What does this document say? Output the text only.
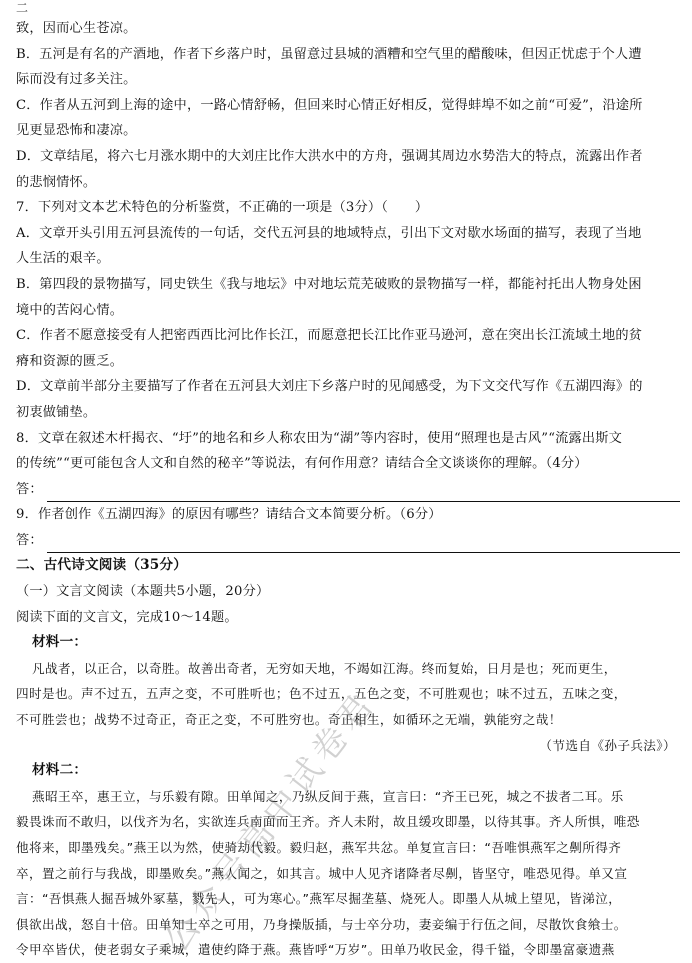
二
致，因而心生苍凉。
B．五河是有名的产酒地，作者下乡落户时，虽留意过县城的酒糟和空气里的醋酸味，但因正忧虑于个人遭
际而没有过多关注。
C．作者从五河到上海的途中，一路心情舒畅，但回来时心情正好相反，觉得蚌埠不如之前“可爱”，沿途所
见更显恐怖和凄凉。
D．文章结尾，将六七月涨水期中的大刘庄比作大洪水中的方舟，强调其周边水势浩大的特点，流露出作者
的悲悯情怀。
7．下列对文本艺术特色的分析鉴赏，不正确的一项是（3分）（　　）
A．文章开头引用五河县流传的一句话，交代五河县的地域特点，引出下文对歇水场面的描写，表现了当地
人生活的艰辛。
B．第四段的景物描写，同史铁生《我与地坛》中对地坛荒芜破败的景物描写一样，都能衬托出人物身处困
境中的苦闷心情。
C．作者不愿意接受有人把密西西比河比作长江，而愿意把长江比作亚马逊河，意在突出长江流域土地的贫
瘠和资源的匮乏。
D．文章前半部分主要描写了作者在五河县大刘庄下乡落户时的见闻感受，为下文交代写作《五湖四海》的
初衷做铺垫。
8．文章在叙述木杆揭衣、“圩”的地名和乡人称农田为“湖”等内容时，使用“照理也是古风”“流露出斯文
的传统”“更可能包含人文和自然的秘辛”等说法，有何作用意？请结合全文谈谈你的理解。（4分）
答：
9．作者创作《五湖四海》的原因有哪些？请结合文本简要分析。（6分）
答：
二、古代诗文阅读（35分）
（一）文言文阅读（本题共5小题，20分）
阅读下面的文言文，完成10～14题。
材料一：
凡战者，以正合，以奇胜。故善出奇者，无穷如天地，不竭如江海。终而复始，日月是也；死而更生，
四时是也。声不过五，五声之变，不可胜听也；色不过五，五色之变，不可胜观也；味不过五，五味之变，
不可胜尝也；战势不过奇正，奇正之变，不可胜穷也。奇正相生，如循环之无端，孰能穷之哉！
（节选自《孙子兵法》）
材料二：
燕昭王卒，惠王立，与乐毅有隙。田单闻之，乃纵反间于燕，宣言曰：“齐王已死，城之不拔者二耳。乐
毅畏诛而不敢归，以伐齐为名，实欲连兵南面而王齐。齐人未附，故且缓攻即墨，以待其事。齐人所惧，唯恐
他将来，即墨残矣。”燕王以为然，使骑劫代毅。毅归赵，燕军共忿。单复宣言曰：“吾唯惧燕军之劓所得齐
卒，置之前行与我战，即墨败矣。”燕人闻之，如其言。城中人见齐诸降者尽劓，皆坚守，唯恐见得。单又宣
言：“吾惧燕人掘吾城外冢墓，戮先人，可为寒心。”燕军尽掘垄墓、烧死人。即墨人从城上望见，皆涕泣，
俱欲出战，怒自十倍。田单知士卒之可用，乃身操版插，与士卒分功，妻妾编于行伍之间，尽散饮食飨士。
令甲卒皆伏，使老弱女子乘城，遣使约降于燕。燕皆呼“万岁”。田单乃收民金，得千镒，令即墨富豪遗燕
公众号高中试卷君
